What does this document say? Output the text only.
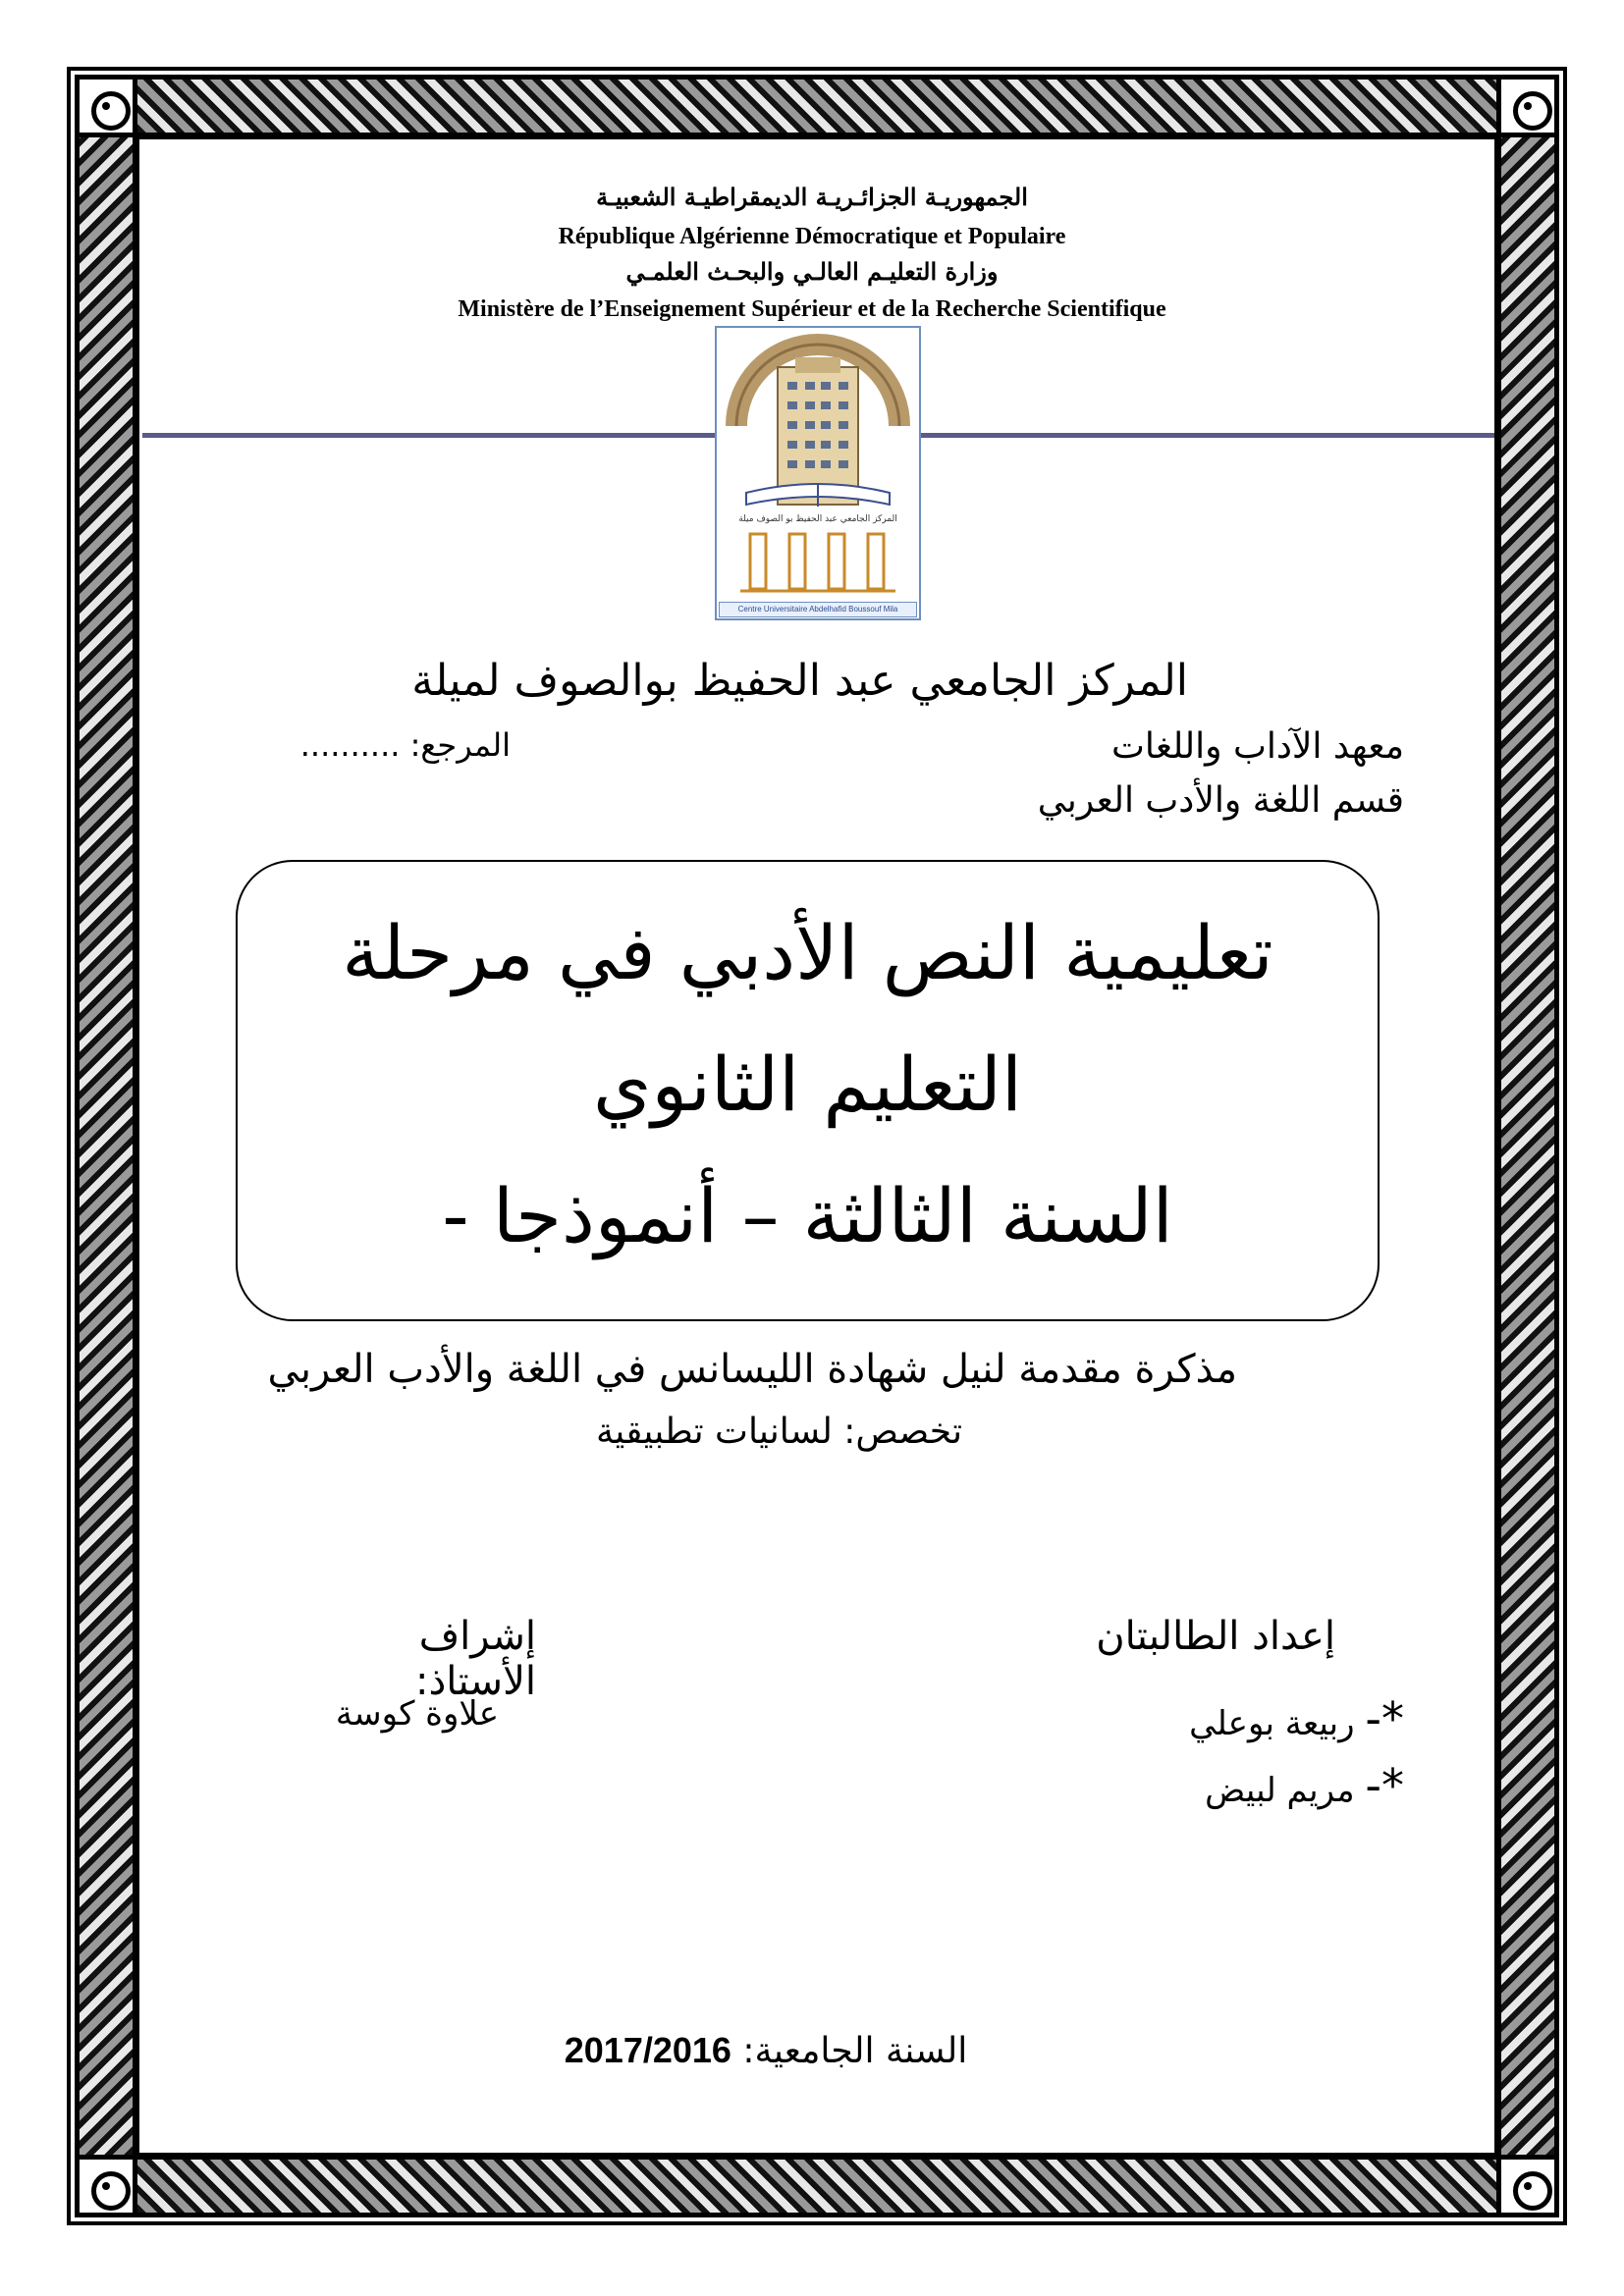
الجمهوريـة الجزائـريـة الديمقراطيـة الشعبيـة
République Algérienne Démocratique et Populaire
وزارة التعليـم العالـي والبحـث العلمـي
Ministère de l’Enseignement Supérieur et de la Recherche Scientifique
المركز الجامعي عبد الحفيظ بو الصوف ميلة
Centre Universitaire Abdelhafid Boussouf Mila
المركز الجامعي عبد الحفيظ بوالصوف لميلة
معهد الآداب واللغات
المرجع: ..........
قسم اللغة والأدب العربي
تعليمية النص الأدبي في مرحلة
التعليم الثانوي
السنة الثالثة – أنموذجا -
مذكرة مقدمة لنيل شهادة الليسانس في اللغة والأدب العربي
تخصص: لسانيات تطبيقية
إعداد الطالبتان
*- ربيعة بوعلي
*- مريم لبيض
إشراف الأستاذ:
علاوة كوسة
السنة الجامعية: 2017/2016
